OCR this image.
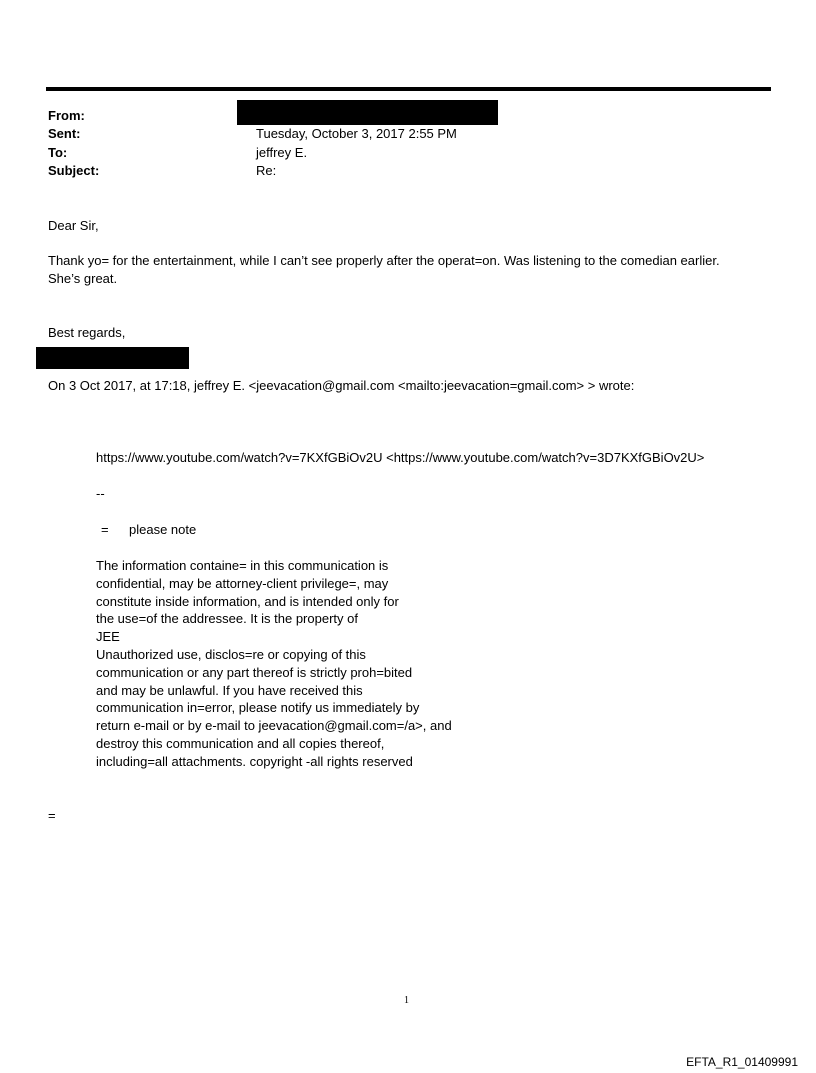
From:
Sent:	Tuesday, October 3, 2017 2:55 PM
To:	jeffrey E.
Subject:	Re:
Dear Sir,
Thank yo= for the entertainment, while I can’t see properly after the operat=on. Was listening to the comedian earlier.
She’s great.
Best regards,
On 3 Oct 2017, at 17:18, jeffrey E. <jeevacation@gmail.com <mailto:jeevacation=gmail.com> > wrote:
https://www.youtube.com/watch?v=7KXfGBiOv2U <https://www.youtube.com/watch?v=3D7KXfGBiOv2U>
--
= please note
The information containe= in this communication is
confidential, may be attorney-client privilege=, may
constitute inside information, and is intended only for
the use=of the addressee. It is the property of
JEE
Unauthorized use, disclos=re or copying of this
communication or any part thereof is strictly proh=bited
and may be unlawful. If you have received this
communication in=error, please notify us immediately by
return e-mail or by e-mail to jeevacation@gmail.com=/a>, and
destroy this communication and all copies thereof,
including=all attachments. copyright -all rights reserved
=
1
EFTA_R1_01409991
